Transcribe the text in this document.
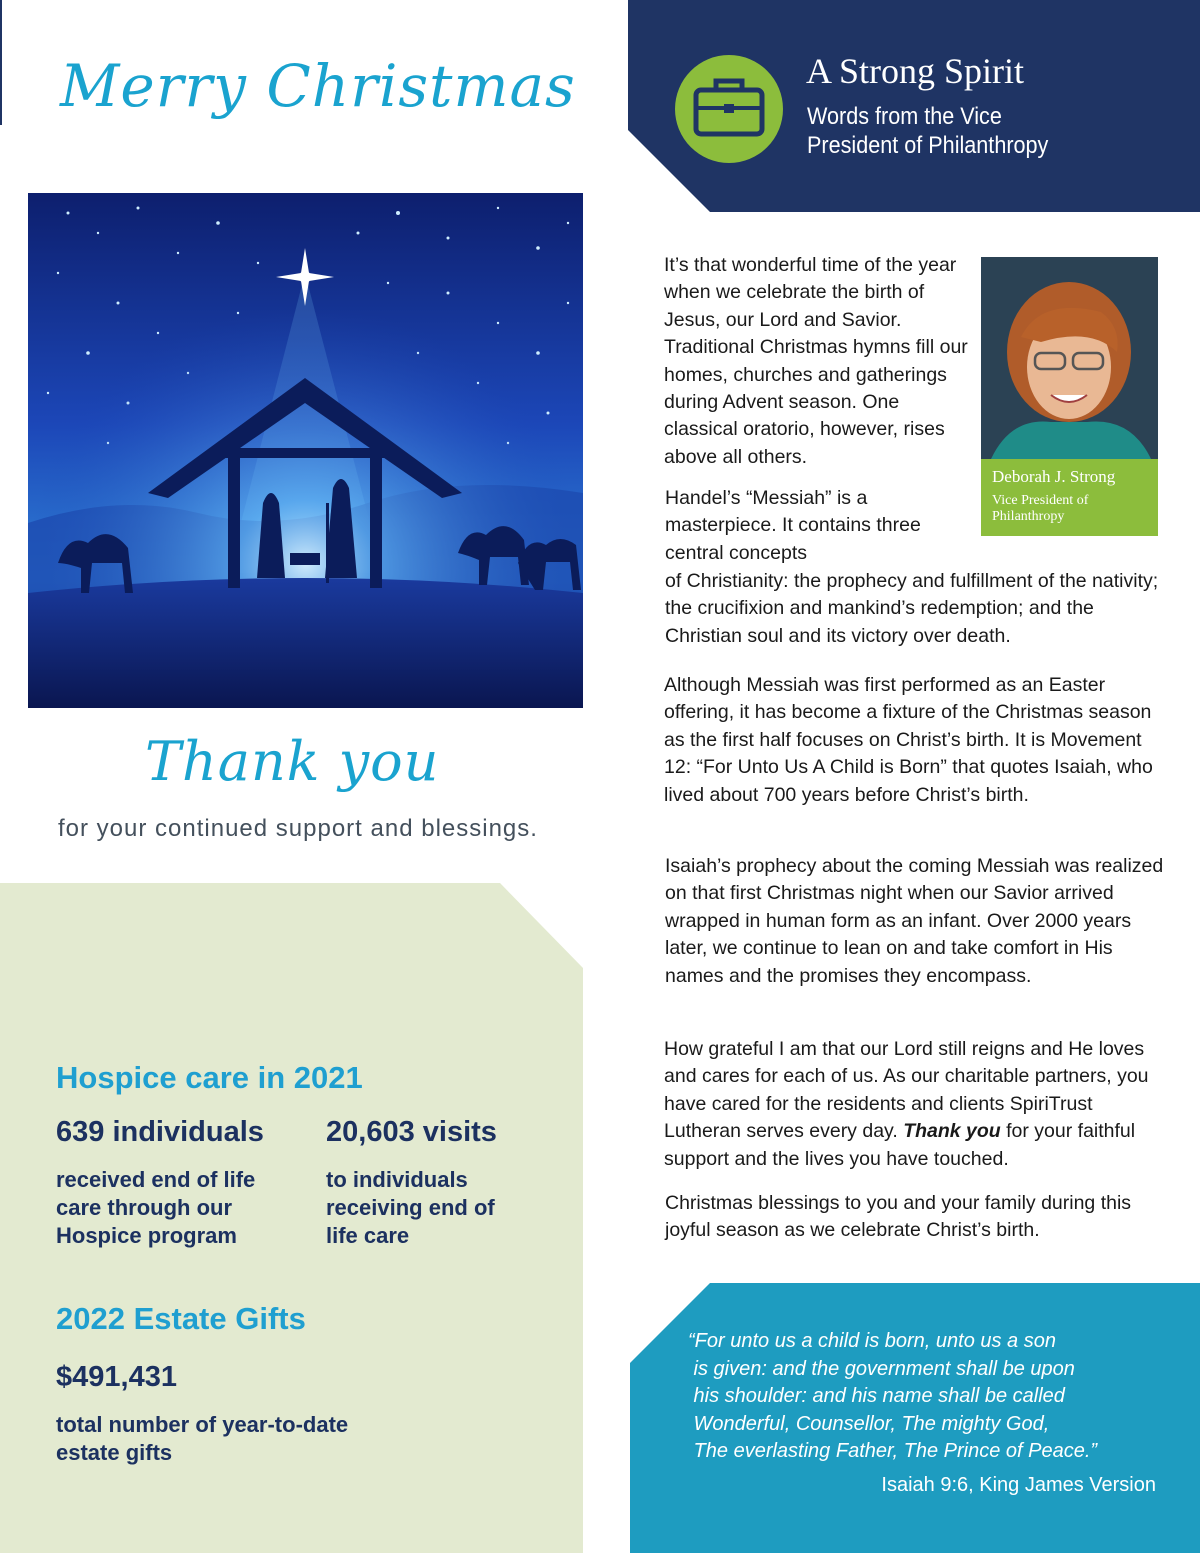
Merry Christmas
Thank you
for your continued support and blessings.
A Strong Spirit
Words from the Vice President of Philanthropy
Deborah J. Strong
Vice President of Philanthropy

It’s that wonderful time of the year when we celebrate the birth of Jesus, our Lord and Savior. Traditional Christmas hymns fill our homes, churches and gatherings during Advent season. One classical oratorio, however, rises above all others.

Handel’s “Messiah” is a masterpiece. It contains three central concepts

of Christianity: the prophecy and fulfillment of the nativity; the crucifixion and mankind’s redemption; and the Christian soul and its victory over death.

Although Messiah was first performed as an Easter offering, it has become a fixture of the Christmas season as the first half focuses on Christ’s birth. It is Movement 12: “For Unto Us A Child is Born” that quotes Isaiah, who lived about 700 years before Christ’s birth.

Isaiah’s prophecy about the coming Messiah was realized on that first Christmas night when our Savior arrived wrapped in human form as an infant. Over 2000 years later, we continue to lean on and take comfort in His names and the promises they encompass.

How grateful I am that our Lord still reigns and He loves and cares for each of us. As our charitable partners, you have cared for the residents and clients SpiriTrust Lutheran serves every day. Thank you for your faithful support and the lives you have touched.

Christmas blessings to you and your family during this joyful season as we celebrate Christ’s birth.

Hospice care in 2021
639 individuals 20,603 visits
received end of life care through our Hospice program
to individuals receiving end of life care
2022 Estate Gifts
$491,431
total number of year-to-date estate gifts

“For unto us a child is born, unto us a son
is given: and the government shall be upon
his shoulder: and his name shall be called
Wonderful, Counsellor, The mighty God,
The everlasting Father, The Prince of Peace.”

Isaiah 9:6, King James Version
